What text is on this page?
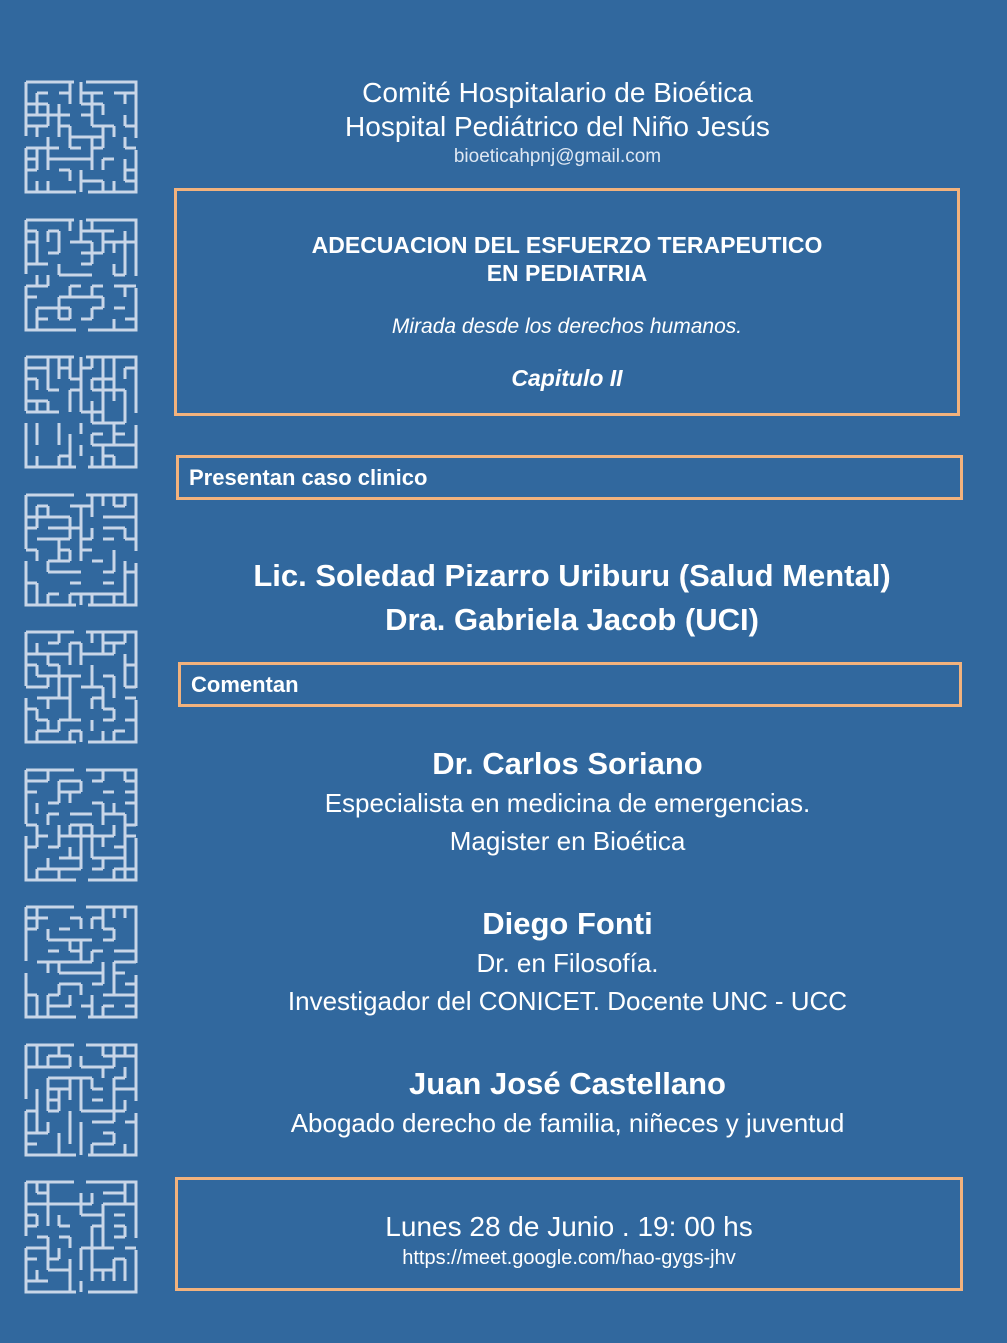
Comité Hospitalario de Bioética
Hospital Pediátrico del Niño Jesús
bioeticahpnj@gmail.com
ADECUACION DEL ESFUERZO TERAPEUTICO
EN PEDIATRIA
Mirada desde los derechos humanos.
Capitulo II
Presentan caso clinico
Lic. Soledad Pizarro Uriburu (Salud Mental)
Dra. Gabriela Jacob (UCI)
Comentan
Dr. Carlos Soriano
Especialista en medicina de emergencias.
Magister en Bioética
Diego Fonti
Dr. en Filosofía.
Investigador del CONICET. Docente UNC - UCC
Juan José Castellano
Abogado derecho de familia, niñeces y juventud
Lunes 28 de Junio . 19: 00 hs
https://meet.google.com/hao-gygs-jhv
